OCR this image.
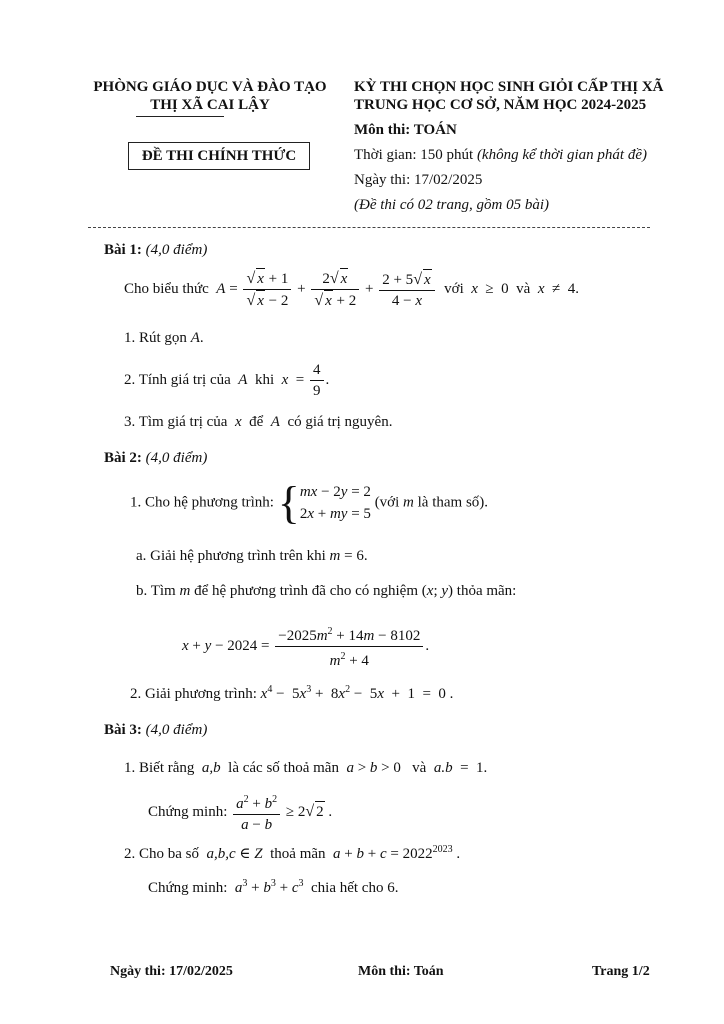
PHÒNG GIÁO DỤC VÀ ĐÀO TẠO
THỊ XÃ CAI LẬY
ĐỀ THI CHÍNH THỨC
KỲ THI CHỌN HỌC SINH GIỎI CẤP THỊ XÃ
TRUNG HỌC CƠ SỞ, NĂM HỌC 2024-2025
Môn thi: TOÁN
Thời gian: 150 phút (không kể thời gian phát đề)
Ngày thi: 17/02/2025
(Đề thi có 02 trang, gồm 05 bài)
Bài 1: (4,0 điểm)
Cho biểu thức  $A = \frac{√ x + 1}{√ x - 2} + \frac{2√ x}{√ x + 2} + \frac{2 + 5√ x}{4 - x}$ với  x  ≥  0  và  x  ≠  4.
1. Rút gọn A.
2. Tính giá trị của  A  khi  $x = \frac{4}{9}$ .
3. Tìm giá trị của  x  để  A  có giá trị nguyên.
Bài 2: (4,0 điểm)
1. Cho hệ phương trình: { mx − 2y = 2
2x + my = 5
(với m là tham số).
a. Giải hệ phương trình trên khi m = 6.
b. Tìm m để hệ phương trình đã cho có nghiệm (x; y) thỏa mãn:
$x + y - 2024 = \frac{-2025m^2 + 14m - 8102}{m^2 + 4}$ .
2. Giải phương trình: $x^4 - 5x^3 + 8x^2 - 5x + 1 = 0$ .
Bài 3: (4,0 điểm)
1. Biết rằng  a,b  là các số thoả mãn a > b > 0   và a.b  =  1.
Chứng minh: $\frac{a^2 + b^2}{a - b} \ge 2√$ 2 .
2. Cho ba số  a,b,c ∈ Z thoả mãn $a + b + c = 2022^{2023}$ .
Chứng minh:  $a^3 + b^3 + c^3$ chia hết cho 6.
Ngày thi: 17/02/2025	Môn thi: Toán	Trang 1/2
